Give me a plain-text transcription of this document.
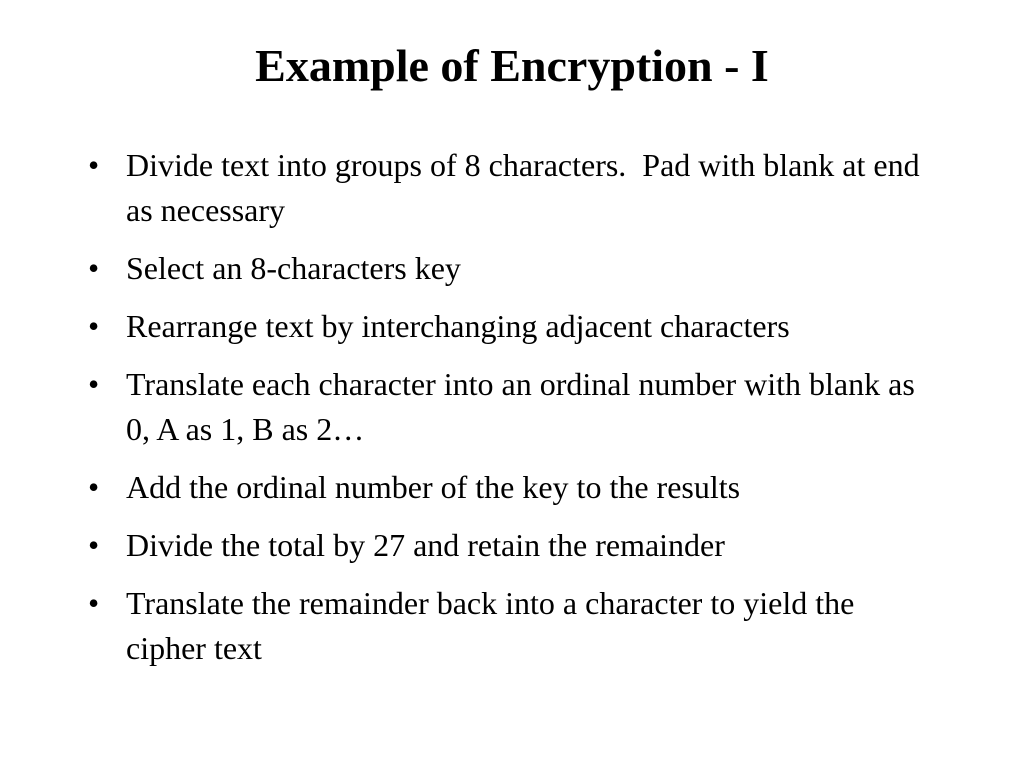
Example of Encryption - I
• Divide text into groups of 8 characters.  Pad with blank at end as necessary
• Select an 8-characters key
• Rearrange text by interchanging adjacent characters
• Translate each character into an ordinal number with blank as 0, A as 1, B as 2…
• Add the ordinal number of the key to the results
• Divide the total by 27 and retain the remainder
• Translate the remainder back into a character to yield the cipher text
